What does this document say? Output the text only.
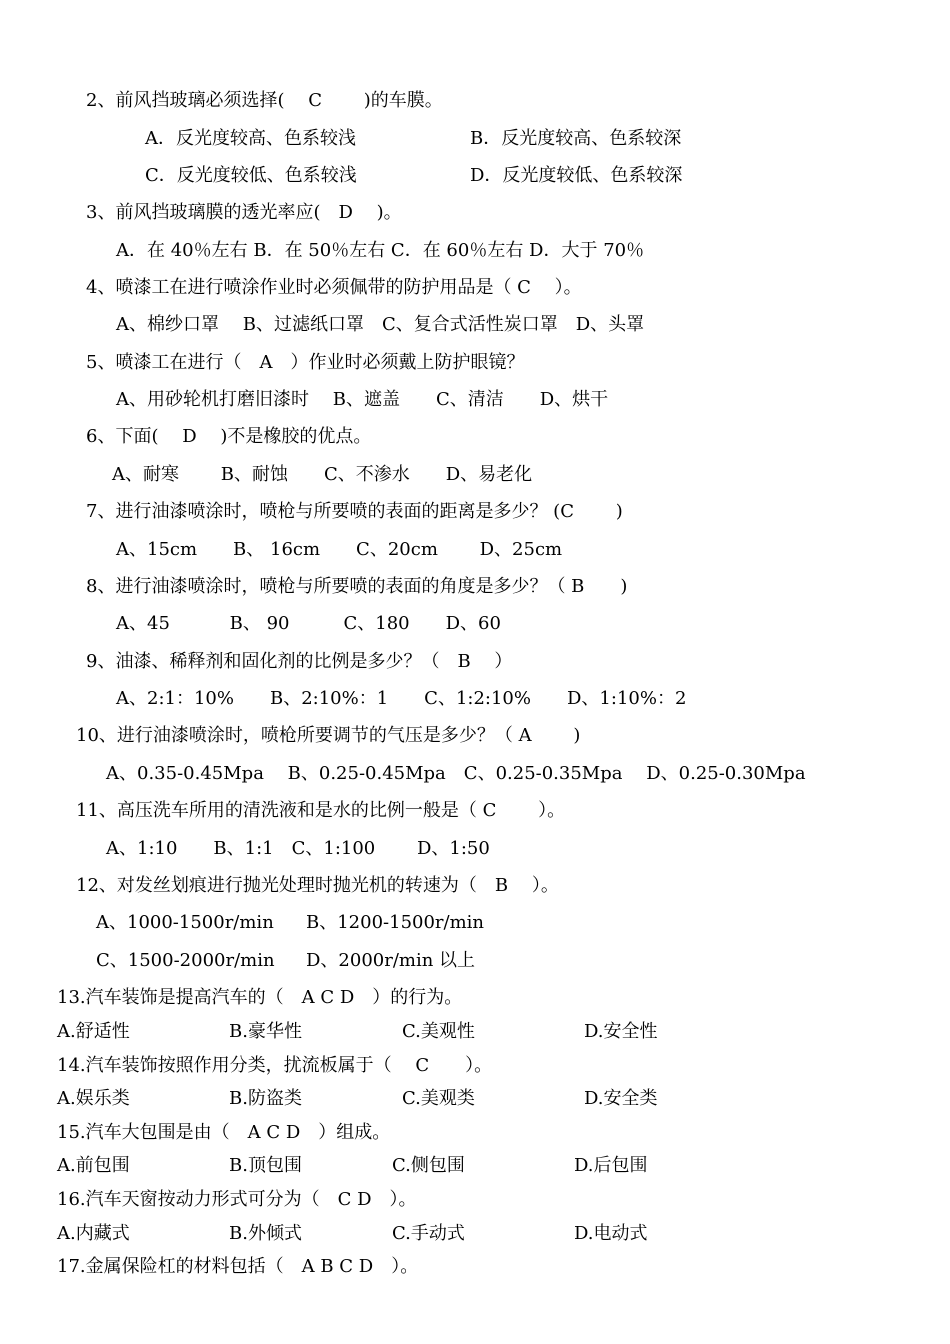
2、前风挡玻璃必须选择(　 C　 　)的车膜。
A．反光度较高、色系较浅	B．反光度较高、色系较深
C．反光度较低、色系较浅	D．反光度较低、色系较深
3、前风挡玻璃膜的透光率应(　D　 )。
A．在 40％左右 B．在 50％左右 C．在 60％左右 D．大于 70％
4、喷漆工在进行喷涂作业时必须佩带的防护用品是（ C　 ）。
A、棉纱口罩　 B、过滤纸口罩　C、复合式活性炭口罩　D、头罩
5、喷漆工在进行（　A　）作业时必须戴上防护眼镜？
A、用砂轮机打磨旧漆时　 B、遮盖　　C、清洁　　D、烘干
6、下面(　 D　 )不是橡胶的优点。
A、耐寒　　 B、耐蚀　　C、不渗水　　D、易老化
7、进行油漆喷涂时，喷枪与所要喷的表面的距离是多少？ (C　　 )
A、15cm　　B、 16cm　　C、20cm　　 D、25cm
8、进行油漆喷涂时，喷枪与所要喷的表面的角度是多少？（ B　　)
A、45　　　 B、 90　　　C、180　　D、60
9、油漆、稀释剂和固化剂的比例是多少？（　B　 ）
A、2:1：10%　　B、2:10%：1　　C、1:2:10%　　D、1:10%：2
10、进行油漆喷涂时，喷枪所要调节的气压是多少？（ A　　 )
A、0.35-0.45Mpa　 B、0.25-0.45Mpa　C、0.25-0.35Mpa　 D、0.25-0.30Mpa
11、高压洗车所用的清洗液和是水的比例一般是（ C　　 ）。
A、1:10　　B、1:1　C、1:100　　 D、1:50
12、对发丝划痕进行抛光处理时抛光机的转速为（　B　 ）。
A、1000-1500r/min B、1200-1500r/min
C、1500-2000r/min D、2000r/min 以上
13.汽车装饰是提高汽车的（　A C D　）的行为。
A.舒适性	B.豪华性	C.美观性	D.安全性
14.汽车装饰按照作用分类，扰流板属于（　 C　　）。
A.娱乐类	B.防盗类	C.美观类	D.安全类
15.汽车大包围是由（　A C D　）组成。
A.前包围	B.顶包围	C.侧包围	D.后包围
16.汽车天窗按动力形式可分为（　C D　）。
A.内藏式	B.外倾式	C.手动式	D.电动式
17.金属保险杠的材料包括（　A B C D　）。
